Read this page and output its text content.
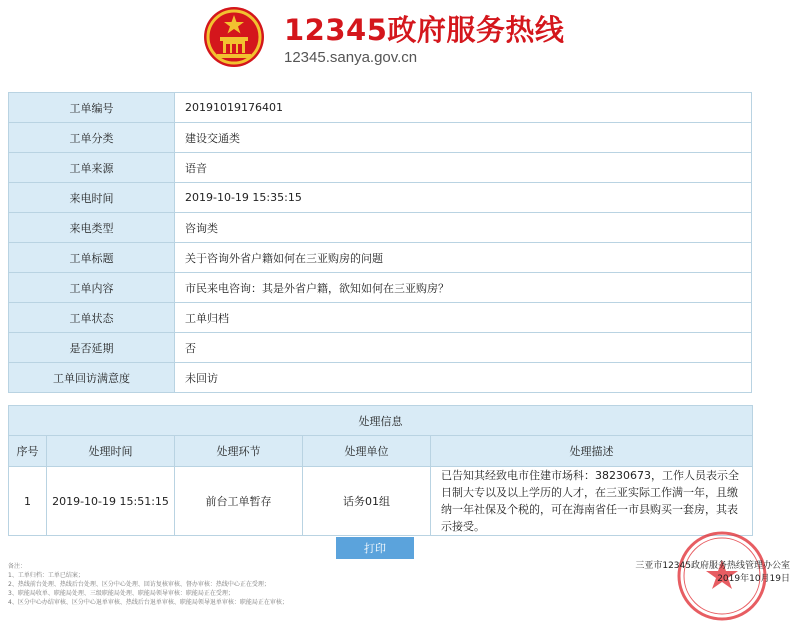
12345政府服务热线
12345.sanya.gov.cn
工单编号	20191019176401
工单分类	建设交通类
工单来源	语音
来电时间	2019-10-19 15:35:15
来电类型	咨询类
工单标题	关于咨询外省户籍如何在三亚购房的问题
工单内容	市民来电咨询：其是外省户籍，欲知如何在三亚购房？
工单状态	工单归档
是否延期	否
工单回访满意度	未回访
处理信息				
序号	处理时间	处理环节	处理单位	处理描述
1	2019-10-19 15:51:15	前台工单暂存	话务01组	已告知其经致电市住建市场科：38230673，工作人员表示全日制大专以及以上学历的人才，在三亚实际工作满一年，且缴纳一年社保及个税的，可在海南省任一市县购买一套房，其表示接受。
打印
备注：
1、工单归档：工单已结案；
2、热线前台处理、热线后台处理、区分中心处理、回访复核审核、督办审核：热线中心正在受理；
3、职能局收单、职能局处理、三级职能局处理、职能局领导审核：职能局正在受理；
4、区分中心办结审核、区分中心退单审核、热线后台退单审核、职能局领导退单审核：职能局正在审核；
三亚市12345政府服务热线管理办公室
2019年10月19日
